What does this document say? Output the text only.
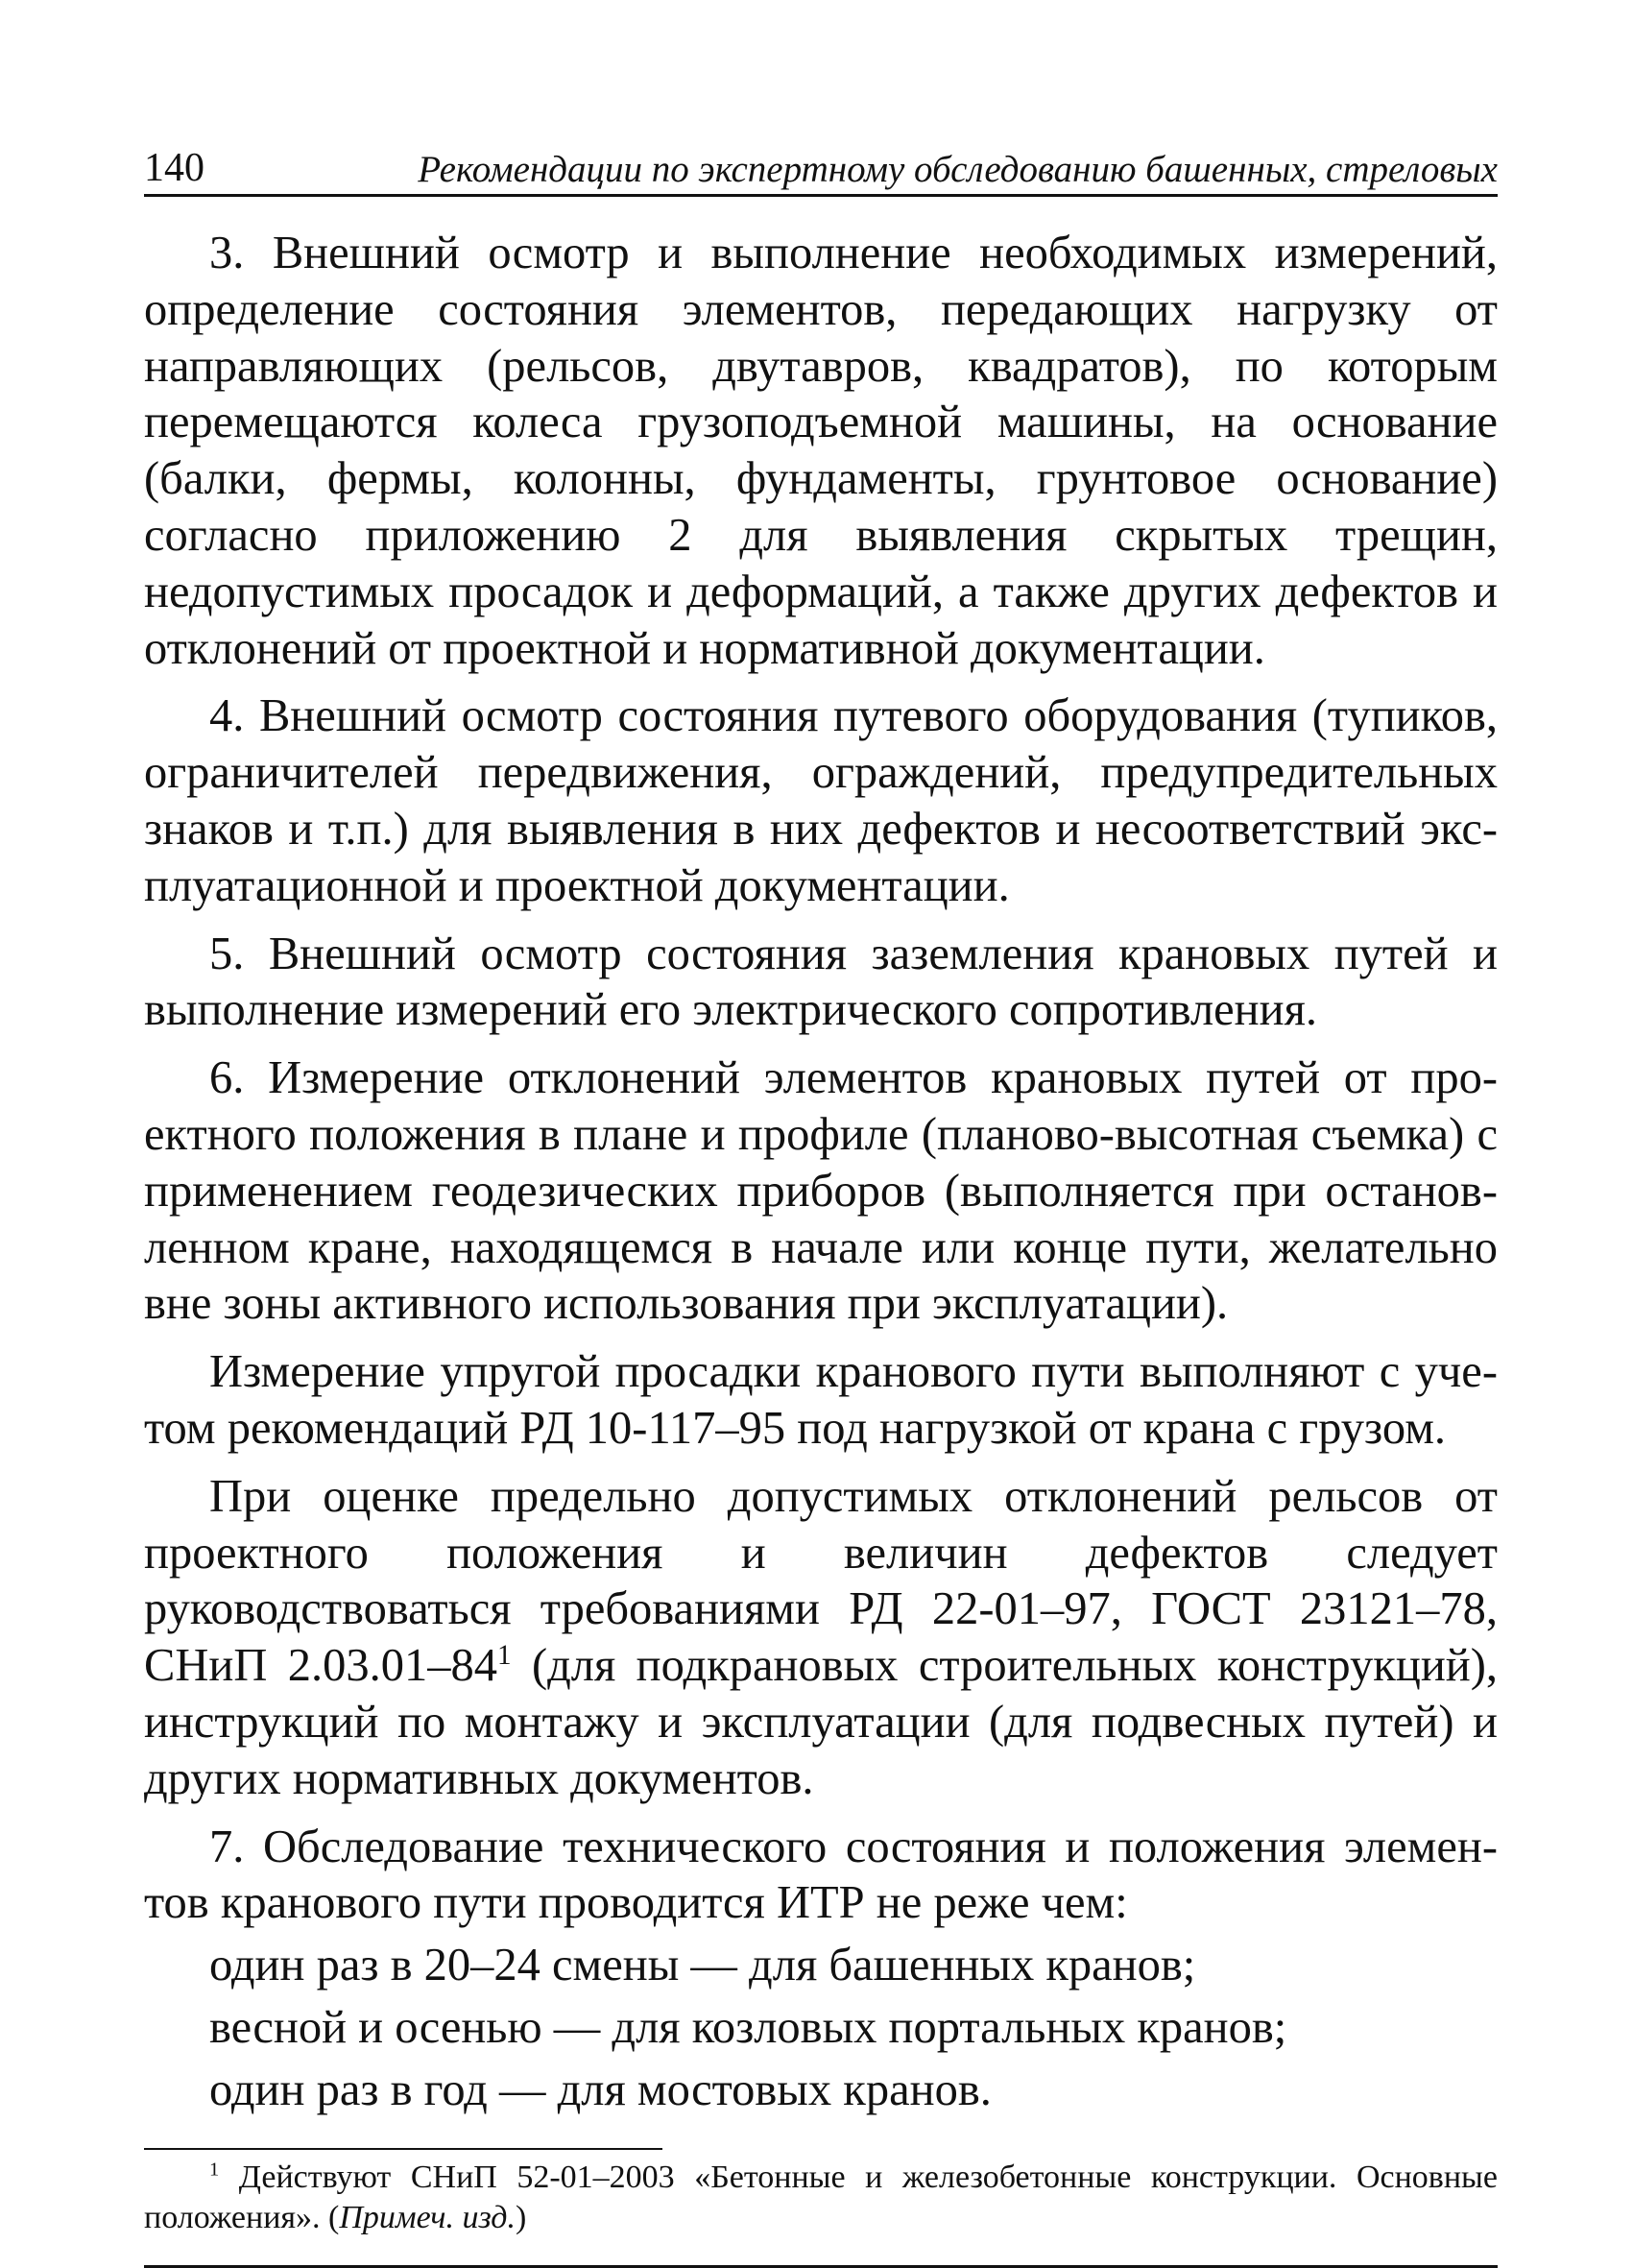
140	Рекомендации по экспертному обследованию башенных, стреловых

3. Внешний осмотр и выполнение необходимых измерений, определение состояния элементов, передающих нагрузку от направляющих (рельсов, двутавров, квадратов), по которым перемещаются колеса грузоподъемной машины, на основание (балки, фермы, колонны, фундаменты, грунтовое основание) согласно приложению 2 для выявления скрытых трещин, недопустимых просадок и деформаций, а также других дефектов и отклонений от проектной и нормативной документации.

4. Внешний осмотр состояния путевого оборудования (тупиков, ограничителей передвижения, ограждений, предупредительных знаков и т.п.) для выявления в них дефектов и несоответствий эксплуатационной и проектной документации.

5. Внешний осмотр состояния заземления крановых путей и выполнение измерений его электрического сопротивления.

6. Измерение отклонений элементов крановых путей от проектного положения в плане и профиле (планово-высотная съемка) с применением геодезических приборов (выполняется при остановленном кране, находящемся в начале или конце пути, желательно вне зоны активного использования при эксплуатации).

Измерение упругой просадки кранового пути выполняют с учетом рекомендаций РД 10-117–95 под нагрузкой от крана с грузом.

При оценке предельно допустимых отклонений рельсов от проектного положения и величин дефектов следует руководствоваться требованиями РД 22-01–97, ГОСТ 23121–78, СНиП $2.03.01-84^1$ (для подкрановых строительных конструкций), инструкций по монтажу и эксплуатации (для подвесных путей) и других нормативных документов.

7. Обследование технического состояния и положения элементов кранового пути проводится ИТР не реже чем:

один раз в 20–24 смены — для башенных кранов;

весной и осенью — для козловых портальных кранов;

один раз в год — для мостовых кранов.

$^1$ Действуют СНиП 52-01–2003 «Бетонные и железобетонные конструкции. Основные положения». (Примеч. изд.)
